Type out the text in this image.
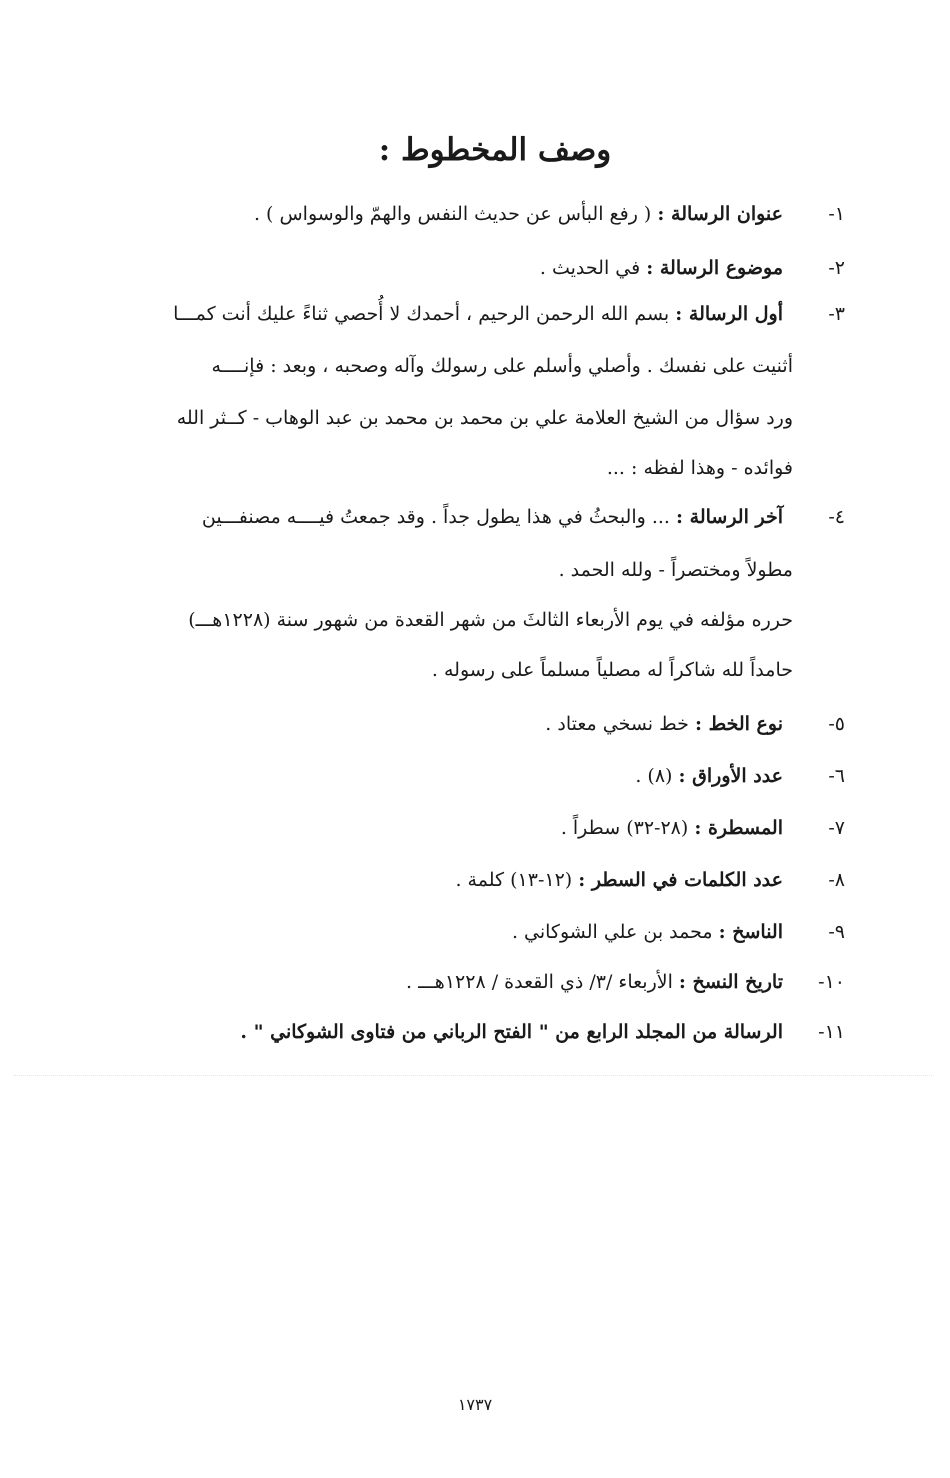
وصف المخطوط :
١-
عنوان الرسالة : ( رفع البأس عن حديث النفس والهمّ والوسواس ) .
٢-
موضوع الرسالة : في الحديث .
٣-
أول الرسالة : بسم الله الرحمن الرحيم ، أحمدك لا أُحصي ثناءً عليك أنت كمـــا
أثنيت على نفسك . وأصلي وأسلم على رسولك وآله وصحبه ، وبعد : فإنــــه
ورد سؤال من الشيخ العلامة علي بن محمد بن محمد بن عبد الوهاب - كــثر الله
فوائده - وهذا لفظه : ...
٤-
آخر الرسالة : ... والبحثُ في هذا يطول جداً . وقد جمعتُ فيــــه مصنفـــين
مطولاً ومختصراً - ولله الحمد .
حرره مؤلفه في يوم الأربعاء الثالثَ من شهر القعدة من شهور سنة (١٢٢٨هـــ)
حامداً لله شاكراً له مصلياً مسلماً على رسوله .
٥-
نوع الخط : خط نسخي معتاد .
٦-
عدد الأوراق : (٨) .
٧-
المسطرة : (٢٨-٣٢) سطراً .
٨-
عدد الكلمات في السطر : (١٢-١٣) كلمة .
٩-
الناسخ : محمد بن علي الشوكاني .
١٠-
تاريخ النسخ : الأربعاء /٣/ ذي القعدة / ١٢٢٨هـــ .
١١-
الرسالة من المجلد الرابع من " الفتح الرباني من فتاوى الشوكاني " .
١٧٣٧
